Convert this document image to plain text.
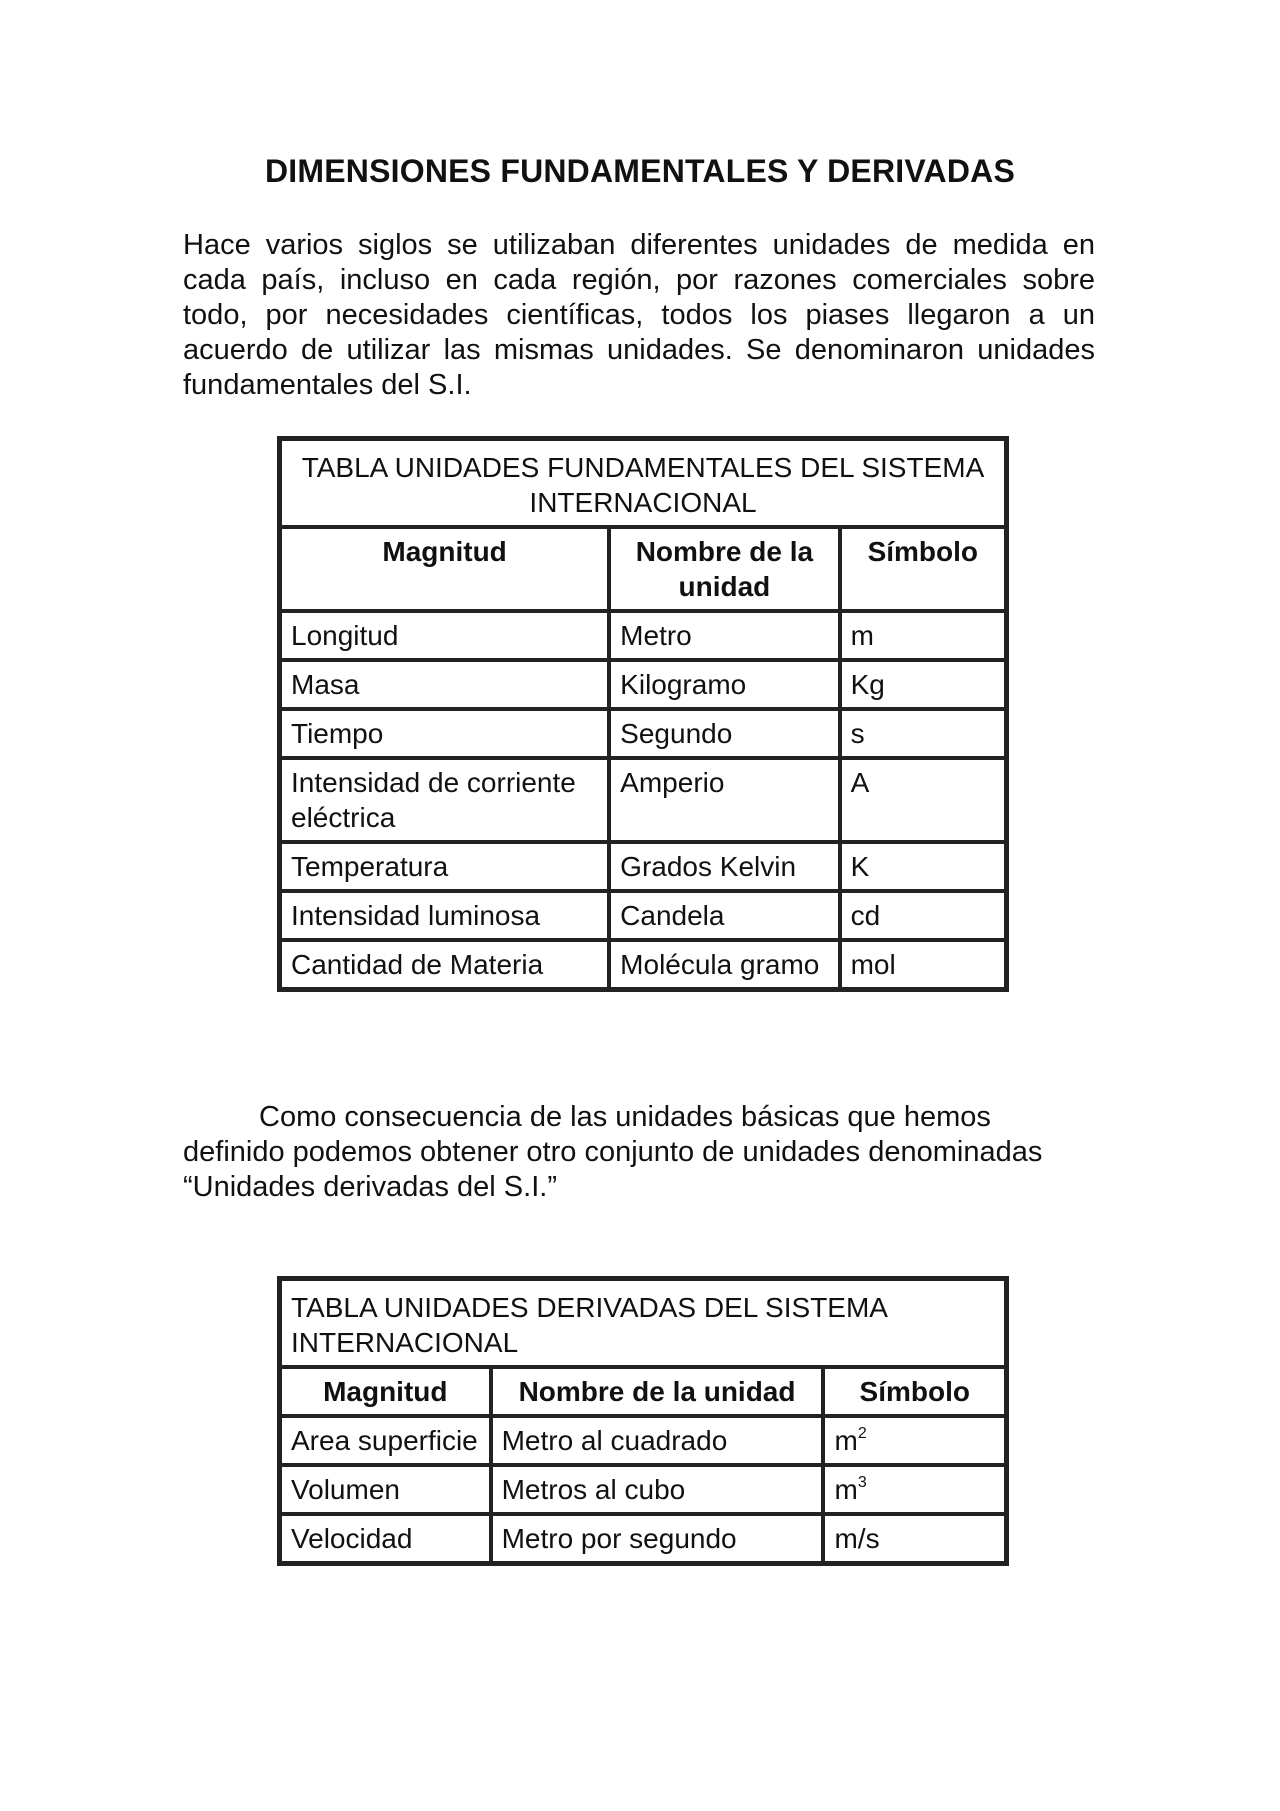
DIMENSIONES FUNDAMENTALES Y DERIVADAS

Hace varios siglos se utilizaban diferentes unidades de medida en cada país, incluso en cada región, por razones comerciales sobre todo, por necesidades científicas, todos los piases llegaron a un acuerdo de utilizar las mismas unidades. Se denominaron unidades fundamentales del S.I.

TABLA UNIDADES FUNDAMENTALES DEL SISTEMA INTERNACIONAL		
Magnitud	Nombre de la unidad	Símbolo
Longitud	Metro	m
Masa	Kilogramo	Kg
Tiempo	Segundo	s
Intensidad de corriente eléctrica	Amperio	A
Temperatura	Grados Kelvin	K
Intensidad luminosa	Candela	cd
Cantidad de Materia	Molécula gramo	mol

Como consecuencia de las unidades básicas que hemos definido podemos obtener otro conjunto de unidades denominadas “Unidades derivadas del S.I.”

TABLA UNIDADES DERIVADAS DEL SISTEMA INTERNACIONAL		
Magnitud	Nombre de la unidad	Símbolo
Area superficie	Metro al cuadrado	$m^2$
Volumen	Metros al cubo	$m^3$
Velocidad	Metro por segundo	m/s
